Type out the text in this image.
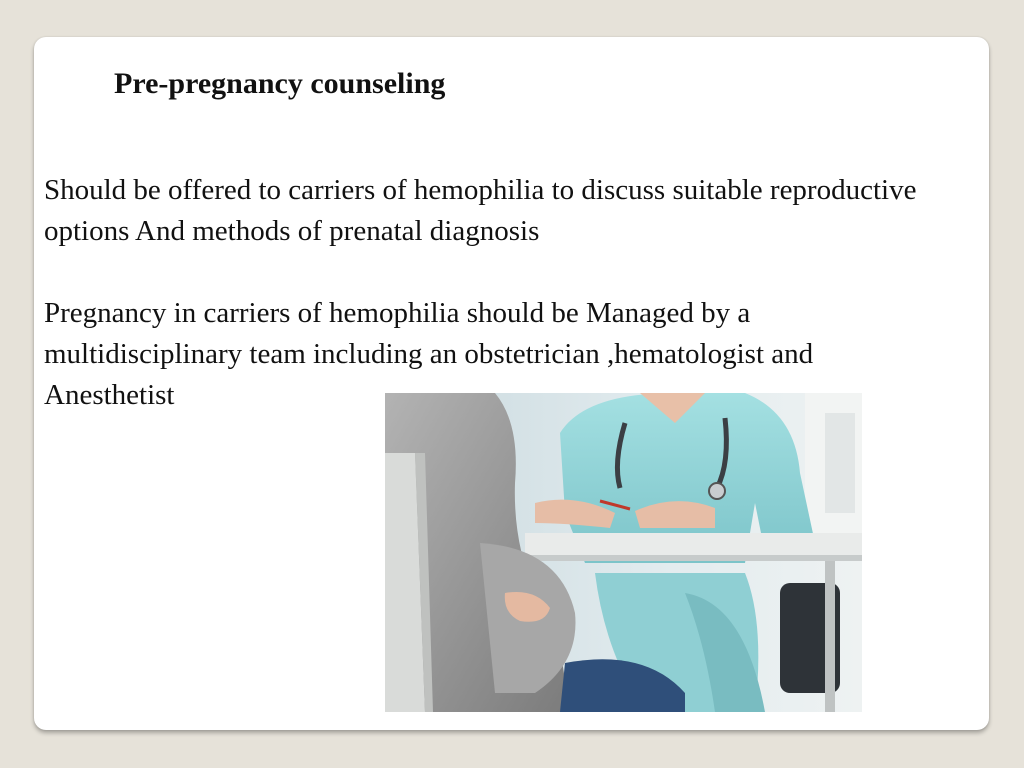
Pre-pregnancy counseling

Should be offered to carriers of hemophilia to discuss suitable reproductive options And methods of prenatal diagnosis

Pregnancy in carriers of hemophilia should be Managed by a multidisciplinary team including an obstetrician ,hematologist and Anesthetist
